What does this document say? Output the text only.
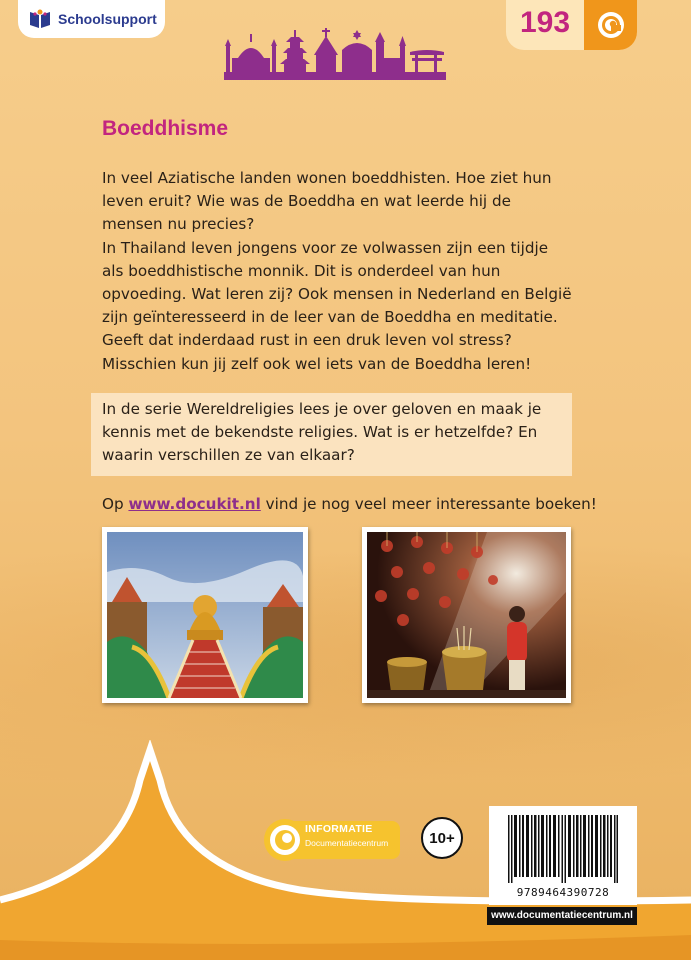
Schoolsupport	193
Boeddhisme

In veel Aziatische landen wonen boeddhisten. Hoe ziet hun leven eruit? Wie was de Boeddha en wat leerde hij de mensen nu precies?

In Thailand leven jongens voor ze volwassen zijn een tijdje als boeddhistische monnik. Dit is onderdeel van hun opvoeding. Wat leren zij? Ook mensen in Nederland en België zijn geïnteresseerd in de leer van de Boeddha en meditatie. Geeft dat inderdaad rust in een druk leven vol stress? Misschien kun jij zelf ook wel iets van de Boeddha leren!

In de serie Wereldreligies lees je over geloven en maak je kennis met de bekendste religies. Wat is er hetzelfde? En waarin verschillen ze van elkaar?
Op www.docukit.nl vind je nog veel meer interessante boeken!
INFORMATIE
Documentatiecentrum	10+
9789464390728
www.documentatiecentrum.nl
